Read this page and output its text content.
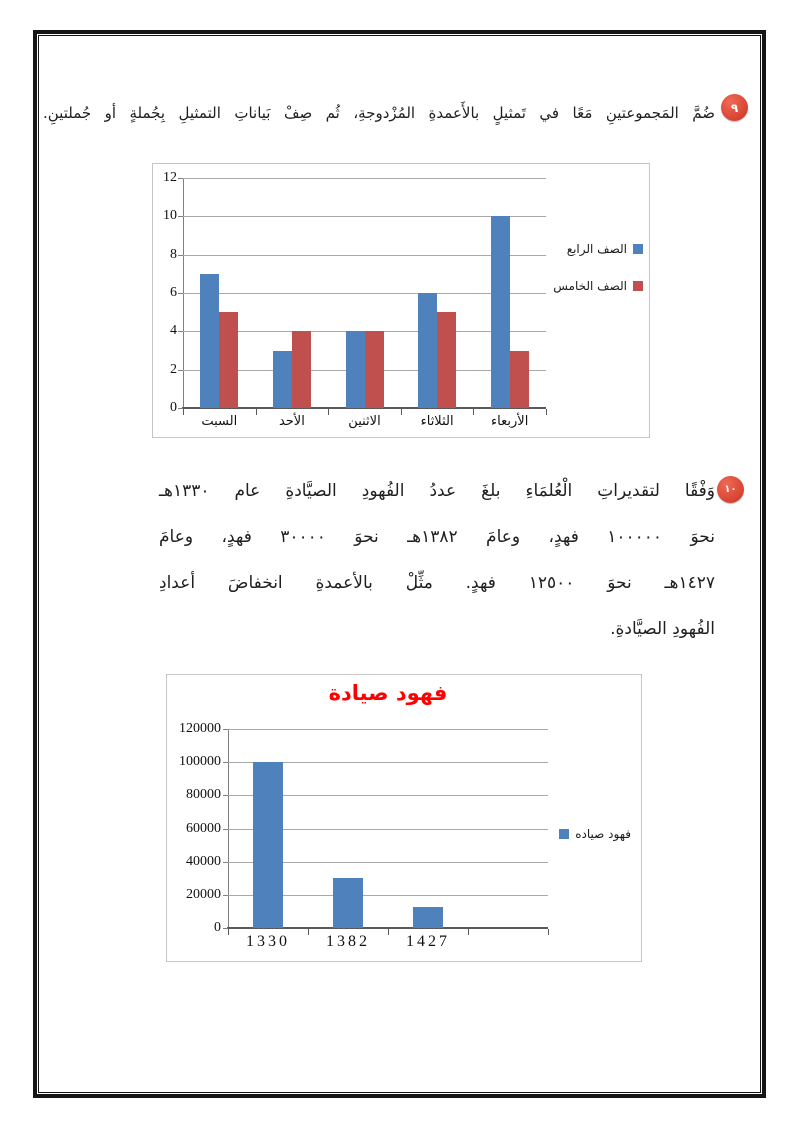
٩
ضُمَّ المَجموعتينِ مَعًا في تَمثيلٍ بالأَعمدةِ المُزْدوجةِ، ثُم صِفْ بَياناتِ التمثيلِ بِجُملةٍ أو جُملتينِ.
0
2
4
6
8
10
12
السبت	الأحد	الاثنين	الثلاثاء	الأربعاء
الصف الرابع
الصف الخامس
١٠
وَفْقًا لتقديراتِ الْعُلمَاءِ بلغَ عددُ الفُهودِ الصيَّادةِ عام ١٣٣٠هـ
نحوَ ١٠٠٠٠٠ فهدٍ، وعامَ ١٣٨٢هـ نحوَ ٣٠٠٠٠ فهدٍ، وعامَ
١٤٢٧هـ نحوَ ١٢٥٠٠ فهدٍ. مثِّلْ بالأعمدةِ انخفاضَ أعدادِ
الفُهودِ الصيَّادةِ.
فهود صيادة
0
20000
40000
60000
80000
100000
120000
1330 1382 1427
فهود صياده
